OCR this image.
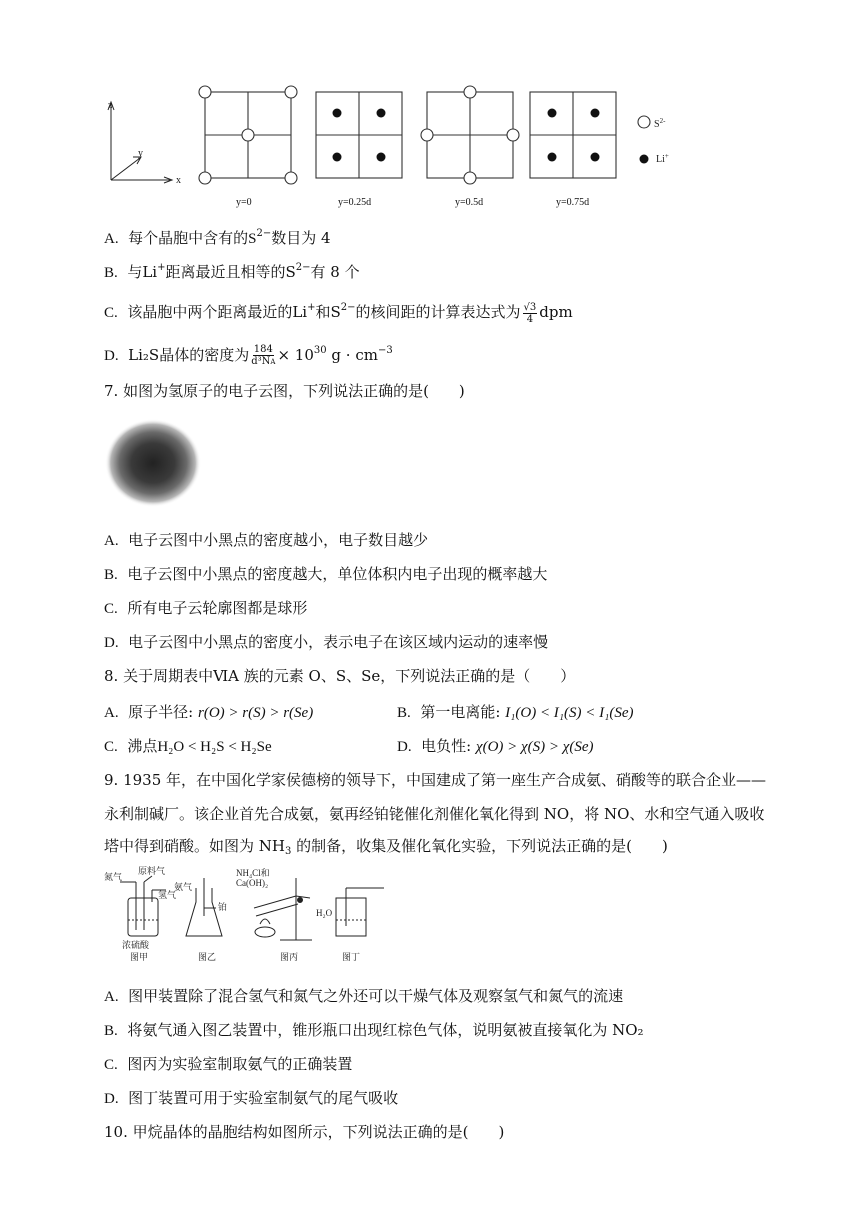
z
y
x
$S^{2-}$
Li+
y=0	y=0.25d	y=0.5d	y=0.75d
A. 每个晶胞中含有的$S^{2-}$数目为 4
B. 与Li+距离最近且相等的$S^{2-}$有 8 个
C. 该晶胞中两个距离最近的Li+和$S^{2-}$的核间距的计算表达式为 $\frac{√3}{4}$ dpm
D. Li₂S晶体的密度为 $\frac{184}{\text{d³NA}} \times 10^{30}$ $g \cdot cm^{-3}$
7. 如图为氢原子的电子云图，下列说法正确的是(　　)
A. 电子云图中小黑点的密度越小，电子数目越少
B. 电子云图中小黑点的密度越大，单位体积内电子出现的概率越大
C. 所有电子云轮廓图都是球形
D. 电子云图中小黑点的密度小，表示电子在该区域内运动的速率慢
8. 关于周期表中ⅥA 族的元素 O、S、Se，下列说法正确的是（　　）
A. 原子半径: r(O) > r(S) > r(Se)	B. 第一电离能: I₁(O) < I₁(S) < I₁(Se)
C. 沸点H₂O < H₂S < H₂Se	D. 电负性: χ(O) > χ(S) > χ(Se)
9. 1935 年，在中国化学家侯德榜的领导下，中国建成了第一座生产合成氨、硝酸等的联合企业——
永利制碱厂。该企业首先合成氨，氨再经铂铑催化剂催化氧化得到 NO，将 NO、水和空气通入吸收
塔中得到硝酸。如图为 $NH_3$ 的制备，收集及催化氧化实验，下列说法正确的是(　　)
氮气
原料气
氢气
浓硫酸
氨气
铂
NH₄Cl和
Ca(OH)₂
H₂O
图甲	图乙	图丙	图丁
A. 图甲装置除了混合氢气和氮气之外还可以干燥气体及观察氢气和氮气的流速
B. 将氨气通入图乙装置中，锥形瓶口出现红棕色气体，说明氨被直接氧化为 NO₂
C. 图丙为实验室制取氨气的正确装置
D. 图丁装置可用于实验室制氨气的尾气吸收
10. 甲烷晶体的晶胞结构如图所示，下列说法正确的是(　　)
